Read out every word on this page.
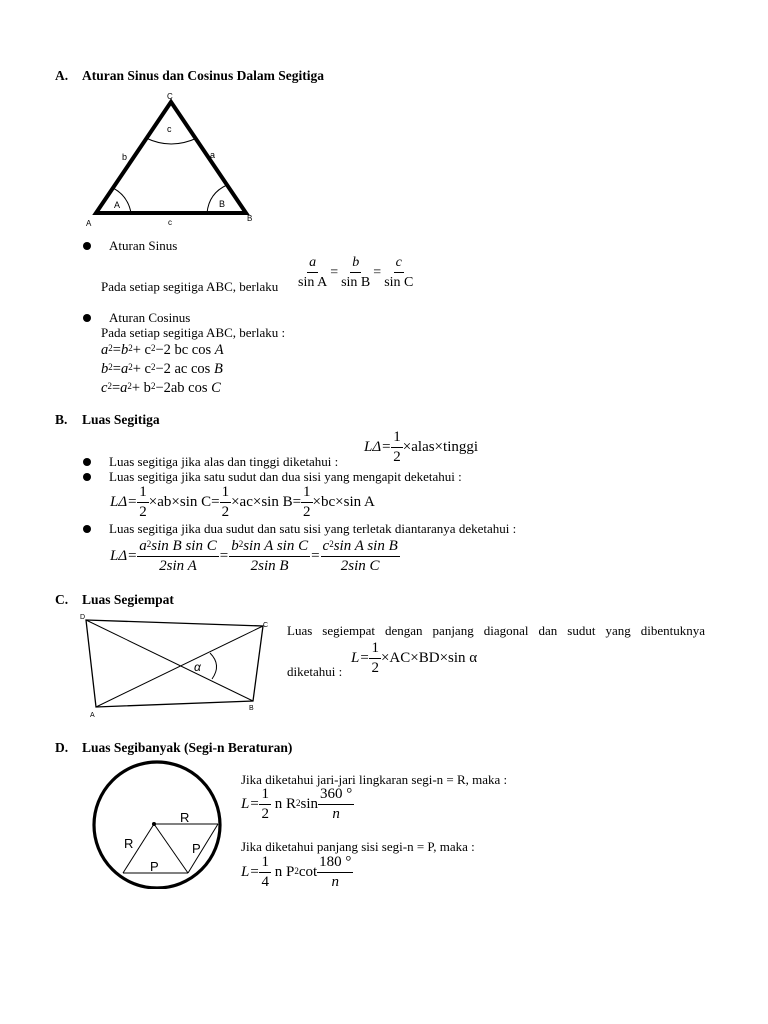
A. Aturan Sinus dan Cosinus Dalam Segitiga
C
c
b	a
A	B
A	c	B
Aturan Sinus
Pada setiap segitiga ABC, berlaku $\frac{a}{\text{sin A}} = \frac{b}{\text{sin B}} = \frac{c}{\text{sin C}}$
Aturan Cosinus
Pada setiap segitiga ABC, berlaku :
$a^2=b^2+ c^2-2$ bc cos A
$b^2=a^2+ c^2-2$ ac cos B
$c^2=a^2+ b^2-2ab$ cos C
B. Luas Segitiga
$L\Delta= \frac{1}{2}$ ×alas×tinggi
Luas segitiga jika alas dan tinggi diketahui :
Luas segitiga jika satu sudut dan dua sisi yang mengapit deketahui :
$L\Delta= \frac{1}{2} \times ab\times\sin$ $C= \frac{1}{2} \times ac\times\sin$ $B= \frac{1}{2} \times bc\times\sin$ A
Luas segitiga jika dua sudut dan satu sisi yang terletak diantaranya deketahui :
$L\Delta= \frac{a^2\sin B \sin C}{\text{2sin A}} = \frac{b^2\sin A \sin C}{\text{2sin B}} = \frac{c^2\sin A \sin B}{\text{2sin C}}$
C. Luas Segiempat
D
C
α
A
B
Luas segiempat dengan panjang diagonal dan sudut yang dibentuknya
diketahui :
$L= \frac{1}{2} \times AC\times BD\times\sin$ α
D. Luas Segibanyak (Segi-n Beraturan)
R
R	P
P
Jika diketahui jari-jari lingkaran segi-n = R, maka :
$L= \frac{1}{2}$
n $R^2$ $\sin \frac{360 ^\circ}{n}$
Jika diketahui panjang sisi segi-n = P, maka :
$L= \frac{1}{4}$
n $P^2$ $\cot \frac{180 ^\circ}{n}$
